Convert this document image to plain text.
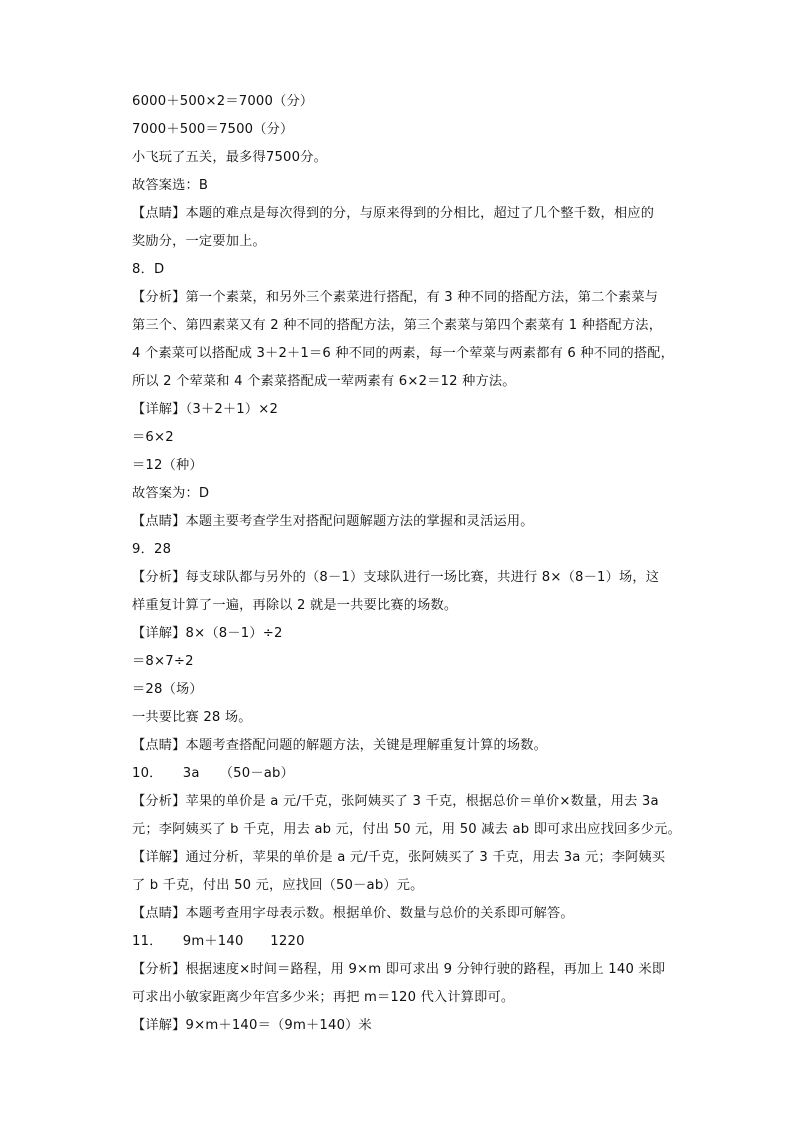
6000＋500×2＝7000（分）
7000＋500＝7500（分）
小飞玩了五关，最多得7500分。
故答案选：B
【点睛】本题的难点是每次得到的分，与原来得到的分相比，超过了几个整千数，相应的
奖励分，一定要加上。
8．D
【分析】第一个素菜，和另外三个素菜进行搭配，有 3 种不同的搭配方法，第二个素菜与
第三个、第四素菜又有 2 种不同的搭配方法，第三个素菜与第四个素菜有 1 种搭配方法，
4 个素菜可以搭配成 3＋2＋1＝6 种不同的两素，每一个荤菜与两素都有 6 种不同的搭配，
所以 2 个荤菜和 4 个素菜搭配成一荤两素有 6×2＝12 种方法。
【详解】（3＋2＋1）×2
＝6×2
＝12（种）
故答案为：D
【点睛】本题主要考查学生对搭配问题解题方法的掌握和灵活运用。
9．28
【分析】每支球队都与另外的（8－1）支球队进行一场比赛，共进行 8×（8－1）场，这
样重复计算了一遍，再除以 2 就是一共要比赛的场数。
【详解】8×（8－1）÷2
＝8×7÷2
＝28（场）
一共要比赛 28 场。
【点睛】本题考查搭配问题的解题方法，关键是理解重复计算的场数。
10．　　3a　　（50－ab）
【分析】苹果的单价是 a 元/千克，张阿姨买了 3 千克，根据总价＝单价×数量，用去 3a
元；李阿姨买了 b 千克，用去 ab 元，付出 50 元，用 50 减去 ab 即可求出应找回多少元。
【详解】通过分析，苹果的单价是 a 元/千克，张阿姨买了 3 千克，用去 3a 元；李阿姨买
了 b 千克，付出 50 元，应找回（50－ab）元。
【点睛】本题考查用字母表示数。根据单价、数量与总价的关系即可解答。
11．　　9m＋140　　1220
【分析】根据速度×时间＝路程，用 9×m 即可求出 9 分钟行驶的路程，再加上 140 米即
可求出小敏家距离少年宫多少米；再把 m＝120 代入计算即可。
【详解】9×m＋140＝（9m＋140）米
